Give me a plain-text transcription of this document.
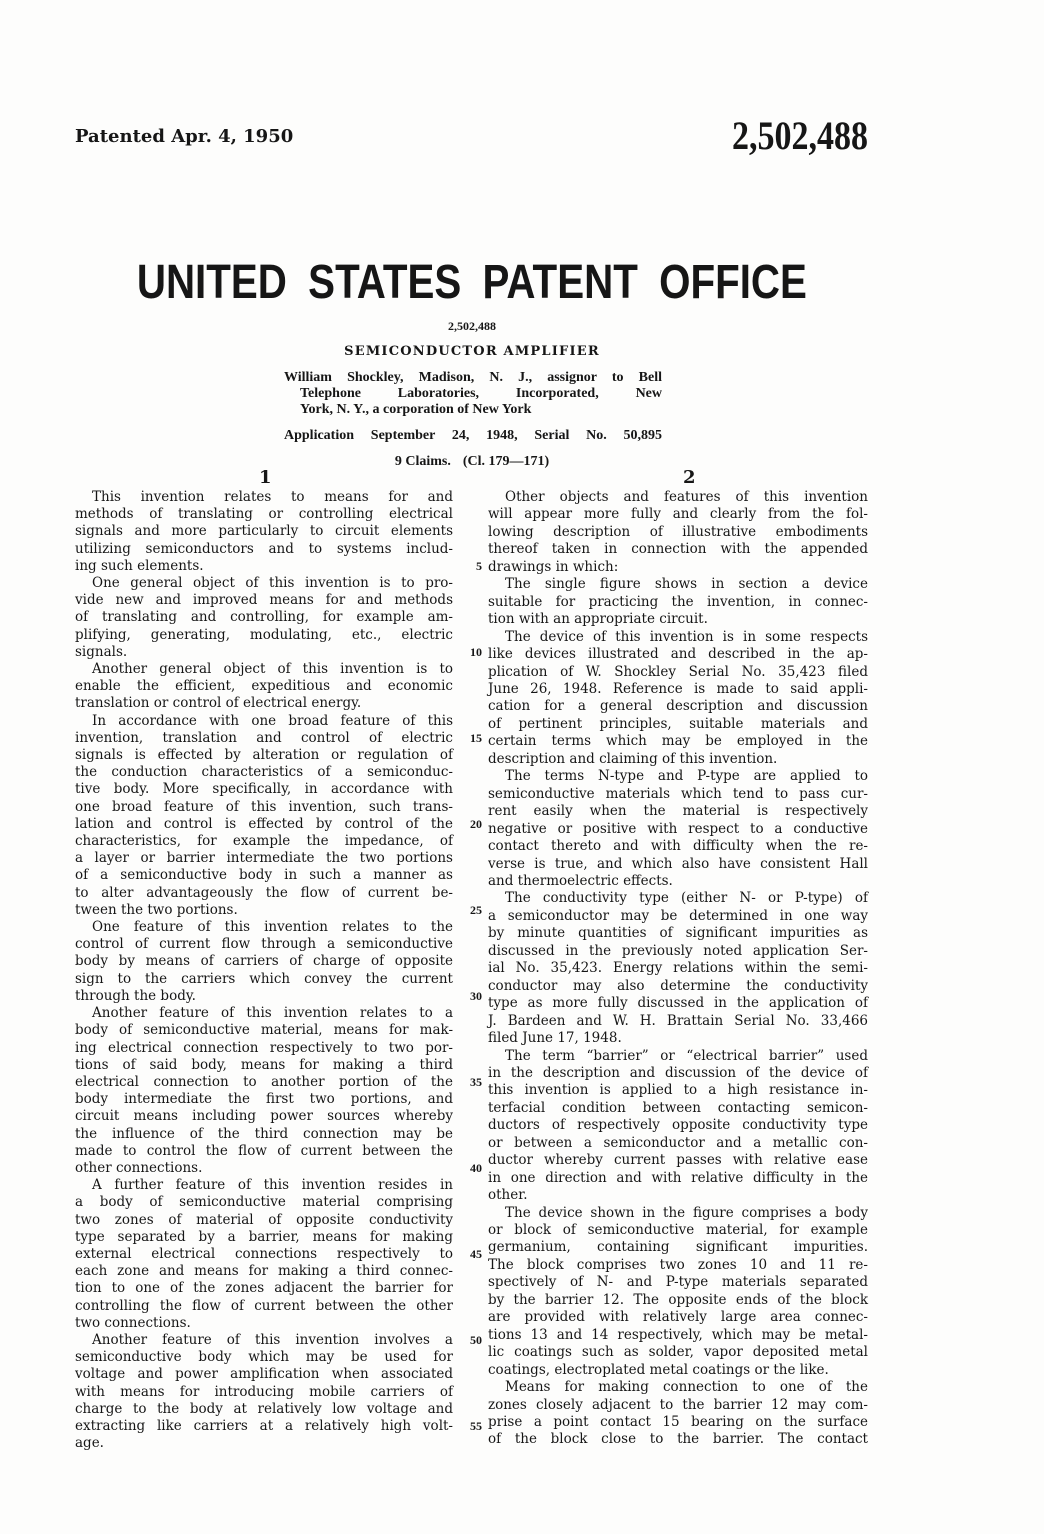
Patented Apr. 4, 1950	2,502,488
UNITED STATES PATENT OFFICE
2,502,488
SEMICONDUCTOR AMPLIFIER
William Shockley, Madison, N. J., assignor to Bell
Telephone Laboratories, Incorporated, New
York, N. Y., a corporation of New York
Application September 24, 1948, Serial No. 50,895
9 Claims. (Cl. 179—171)
1	2
This invention relates to means for and
methods of translating or controlling electrical
signals and more particularly to circuit elements
utilizing semiconductors and to systems includ-
ing such elements.
One general object of this invention is to pro-
vide new and improved means for and methods
of translating and controlling, for example am-
plifying, generating, modulating, etc., electric
signals.
Another general object of this invention is to
enable the efficient, expeditious and economic
translation or control of electrical energy.
In accordance with one broad feature of this
invention, translation and control of electric
signals is effected by alteration or regulation of
the conduction characteristics of a semiconduc-
tive body. More specifically, in accordance with
one broad feature of this invention, such trans-
lation and control is effected by control of the
characteristics, for example the impedance, of
a layer or barrier intermediate the two portions
of a semiconductive body in such a manner as
to alter advantageously the flow of current be-
tween the two portions.
One feature of this invention relates to the
control of current flow through a semiconductive
body by means of carriers of charge of opposite
sign to the carriers which convey the current
through the body.
Another feature of this invention relates to a
body of semiconductive material, means for mak-
ing electrical connection respectively to two por-
tions of said body, means for making a third
electrical connection to another portion of the
body intermediate the first two portions, and
circuit means including power sources whereby
the influence of the third connection may be
made to control the flow of current between the
other connections.
A further feature of this invention resides in
a body of semiconductive material comprising
two zones of material of opposite conductivity
type separated by a barrier, means for making
external electrical connections respectively to
each zone and means for making a third connec-
tion to one of the zones adjacent the barrier for
controlling the flow of current between the other
two connections.
Another feature of this invention involves a
semiconductive body which may be used for
voltage and power amplification when associated
with means for introducing mobile carriers of
charge to the body at relatively low voltage and
extracting like carriers at a relatively high volt-
age.
5
10
15
20
25
30
35
40
45
50
55
Other objects and features of this invention
will appear more fully and clearly from the fol-
lowing description of illustrative embodiments
thereof taken in connection with the appended
drawings in which:
The single figure shows in section a device
suitable for practicing the invention, in connec-
tion with an appropriate circuit.
The device of this invention is in some respects
like devices illustrated and described in the ap-
plication of W. Shockley Serial No. 35,423 filed
June 26, 1948. Reference is made to said appli-
cation for a general description and discussion
of pertinent principles, suitable materials and
certain terms which may be employed in the
description and claiming of this invention.
The terms N-type and P-type are applied to
semiconductive materials which tend to pass cur-
rent easily when the material is respectively
negative or positive with respect to a conductive
contact thereto and with difficulty when the re-
verse is true, and which also have consistent Hall
and thermoelectric effects.
The conductivity type (either N- or P-type) of
a semiconductor may be determined in one way
by minute quantities of significant impurities as
discussed in the previously noted application Ser-
ial No. 35,423. Energy relations within the semi-
conductor may also determine the conductivity
type as more fully discussed in the application of
J. Bardeen and W. H. Brattain Serial No. 33,466
filed June 17, 1948.
The term “barrier” or “electrical barrier” used
in the description and discussion of the device of
this invention is applied to a high resistance in-
terfacial condition between contacting semicon-
ductors of respectively opposite conductivity type
or between a semiconductor and a metallic con-
ductor whereby current passes with relative ease
in one direction and with relative difficulty in the
other.
The device shown in the figure comprises a body
or block of semiconductive material, for example
germanium, containing significant impurities.
The block comprises two zones 10 and 11 re-
spectively of N- and P-type materials separated
by the barrier 12. The opposite ends of the block
are provided with relatively large area connec-
tions 13 and 14 respectively, which may be metal-
lic coatings such as solder, vapor deposited metal
coatings, electroplated metal coatings or the like.
Means for making connection to one of the
zones closely adjacent to the barrier 12 may com-
prise a point contact 15 bearing on the surface
of the block close to the barrier. The contact
